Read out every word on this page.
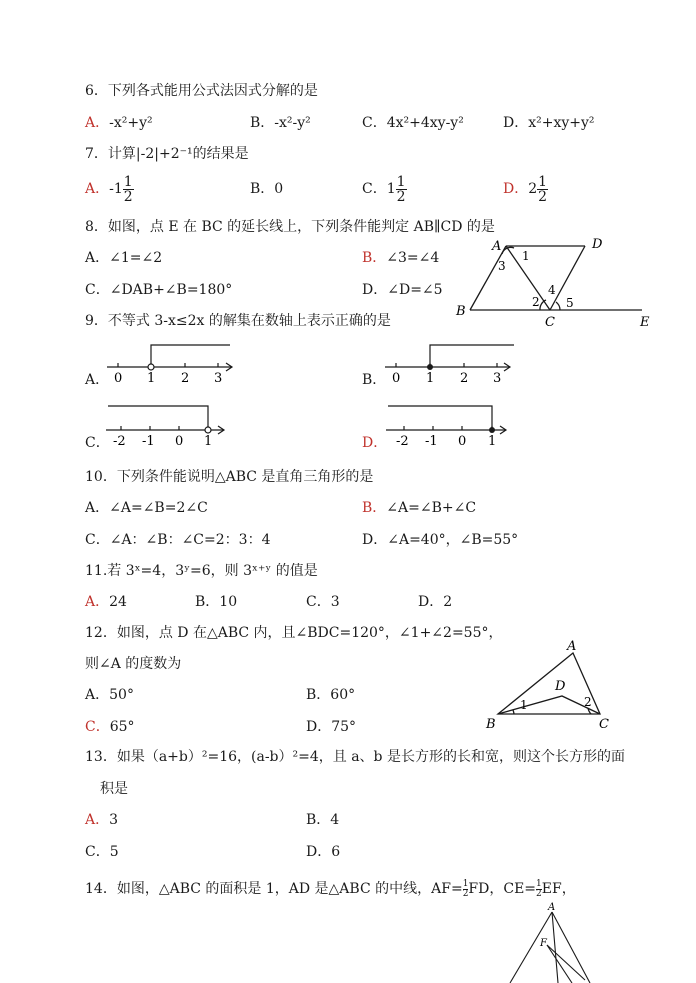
6．下列各式能用公式法因式分解的是
A．-x²+y²	B．-x²-y²	C．4x²+4xy-y²	D．x²+xy+y²
7．计算|-2|+2⁻¹的结果是
A．$-1 \frac{1}{2}$	B．0	C．$1 \frac{1}{2}$	D．$2 \frac{1}{2}$
8．如图，点 E 在 BC 的延长线上，下列条件能判定 AB∥CD 的是
A．∠1=∠2	B．∠3=∠4
C．∠DAB+∠B=180°	D．∠D=∠5
A	D
B
C	E
1
3
4
2 5
9．不等式 3-x≤2x 的解集在数轴上表示正确的是
A． 0 1 2 3	B． 0 1 2 3
C． -2 -1 0 1	D． -2 -1 0 1
10．下列条件能说明△ABC 是直角三角形的是
A．∠A=∠B=2∠C	B．∠A=∠B+∠C
C．∠A：∠B：∠C=2：3：4	D．∠A=40°，∠B=55°
11.若 3ˣ=4，3ʸ=6，则 3ˣ⁺ʸ 的值是
A．24	B．10	C．3	D．2
12．如图，点 D 在△ABC 内，且∠BDC=120°，∠1+∠2=55°，
则∠A 的度数为
A．50°	B．60°
C．65°	D．75°
A
B	C
D
1	2
13．如果（a+b）²=16，(a-b）²=4，且 a、b 是长方形的长和宽，则这个长方形的面
积是
A．3	B．4
C．5	D．6
14．如图，△ABC 的面积是 1，AD 是△ABC 的中线，$AF= \frac{1}{2}FD$，$CE= \frac{1}{2}EF$，
A
F
